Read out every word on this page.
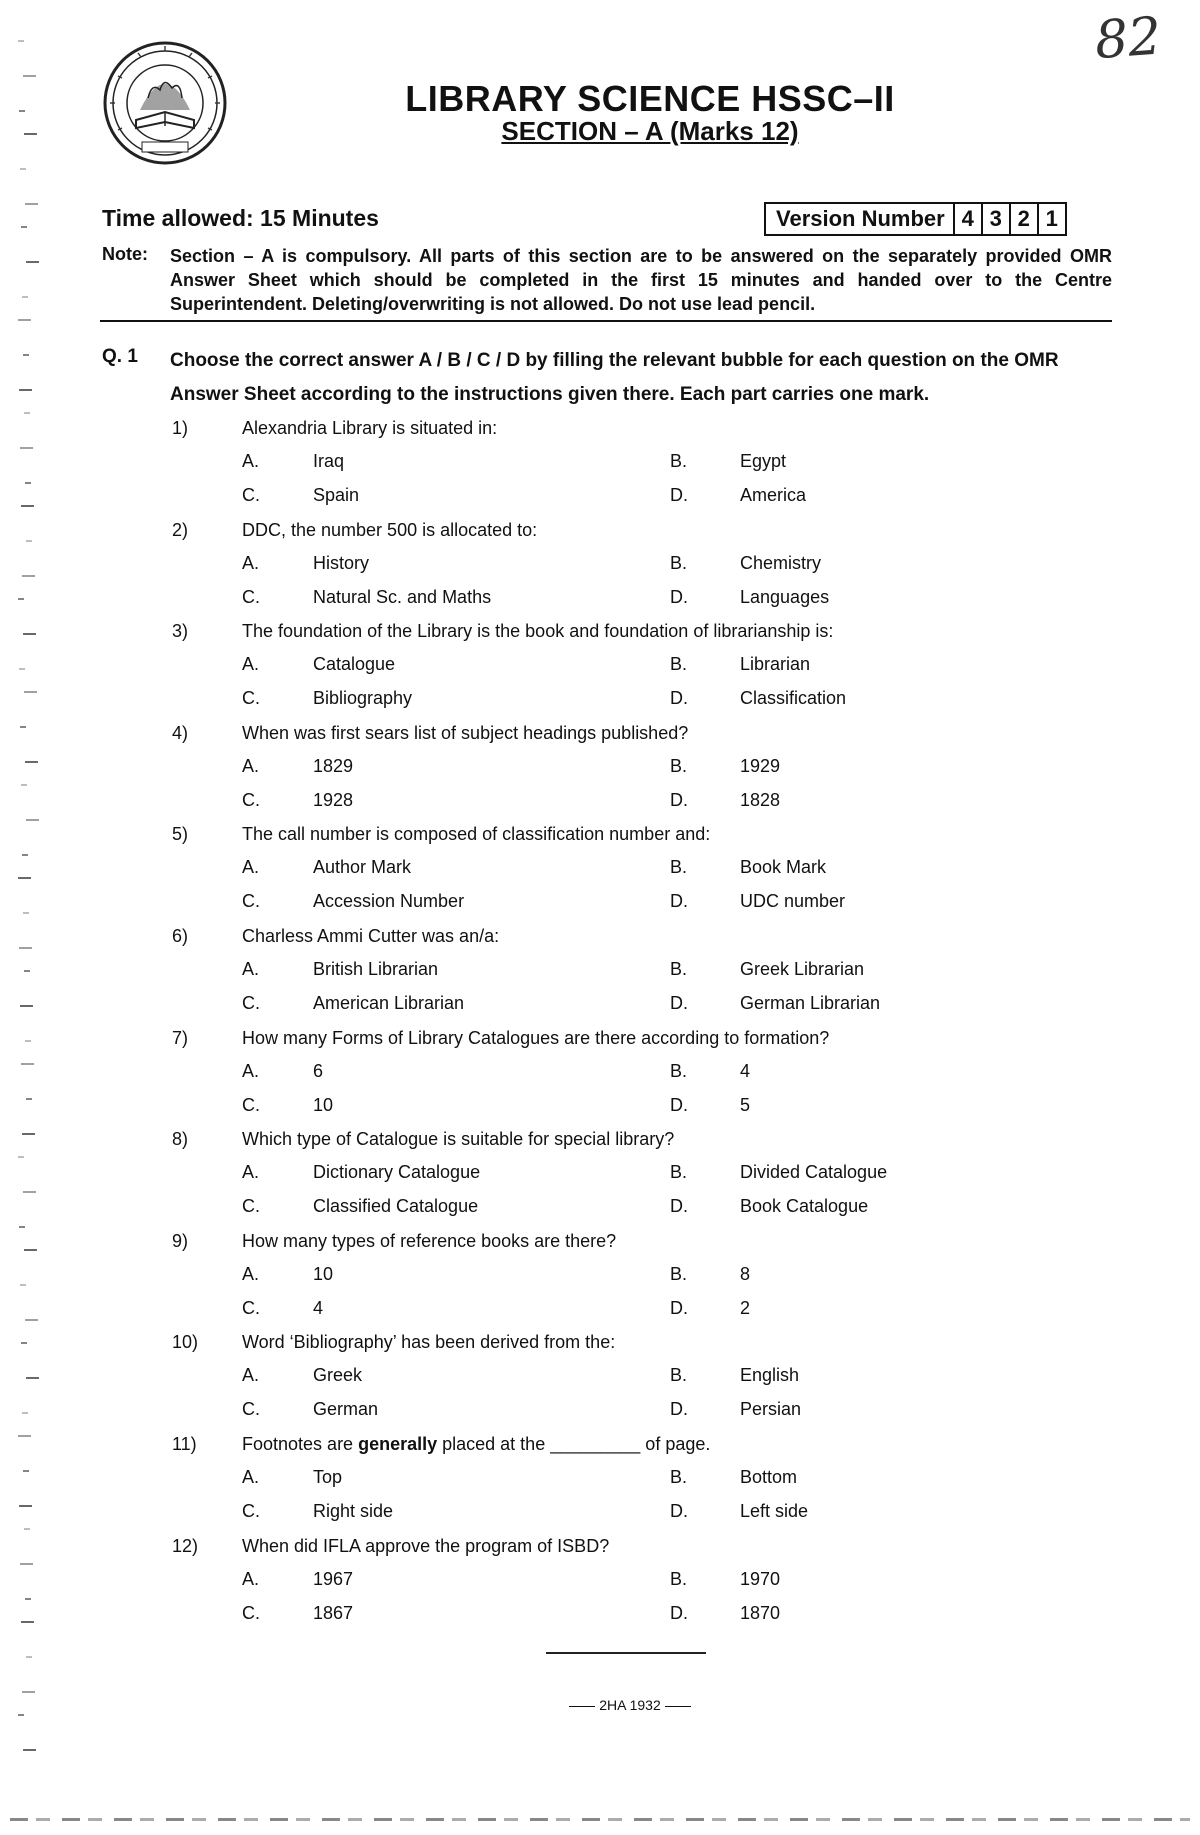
82
LIBRARY SCIENCE HSSC–II
SECTION – A (Marks 12)
Time allowed: 15 Minutes	Version Number 4 3 2 1
Note: Section – A is compulsory. All parts of this section are to be answered on the separately provided OMR Answer Sheet which should be completed in the first 15 minutes and handed over to the Centre Superintendent. Deleting/overwriting is not allowed. Do not use lead pencil.
Q. 1 Choose the correct answer A / B / C / D by filling the relevant bubble for each question on the OMR Answer Sheet according to the instructions given there. Each part carries one mark.
1)	Alexandria Library is situated in:
A.	Iraq	B.	Egypt
C.	Spain	D.	America
2)	DDC, the number 500 is allocated to:
A.	History	B.	Chemistry
C.	Natural Sc. and Maths	D.	Languages
3)	The foundation of the Library is the book and foundation of librarianship is:
A.	Catalogue	B.	Librarian
C.	Bibliography	D.	Classification
4)	When was first sears list of subject headings published?
A.	1829	B.	1929
C.	1928	D.	1828
5)	The call number is composed of classification number and:
A.	Author Mark	B.	Book Mark
C.	Accession Number	D.	UDC number
6)	Charless Ammi Cutter was an/a:
A.	British Librarian	B.	Greek Librarian
C.	American Librarian	D.	German Librarian
7)	How many Forms of Library Catalogues are there according to formation?
A.	6	B.	4
C.	10	D.	5
8)	Which type of Catalogue is suitable for special library?
A.	Dictionary Catalogue	B.	Divided Catalogue
C.	Classified Catalogue	D.	Book Catalogue
9)	How many types of reference books are there?
A.	10	B.	8
C.	4	D.	2
10) Word ‘Bibliography’ has been derived from the:
A.	Greek	B.	English
C.	German	D.	Persian
11)	Footnotes are generally placed at the _________ of page.
A.	Top	B.	Bottom
C.	Right side	D.	Left side
12) When did IFLA approve the program of ISBD?
A.	1967	B.	1970
C.	1867	D.	1870
2HA 1932
